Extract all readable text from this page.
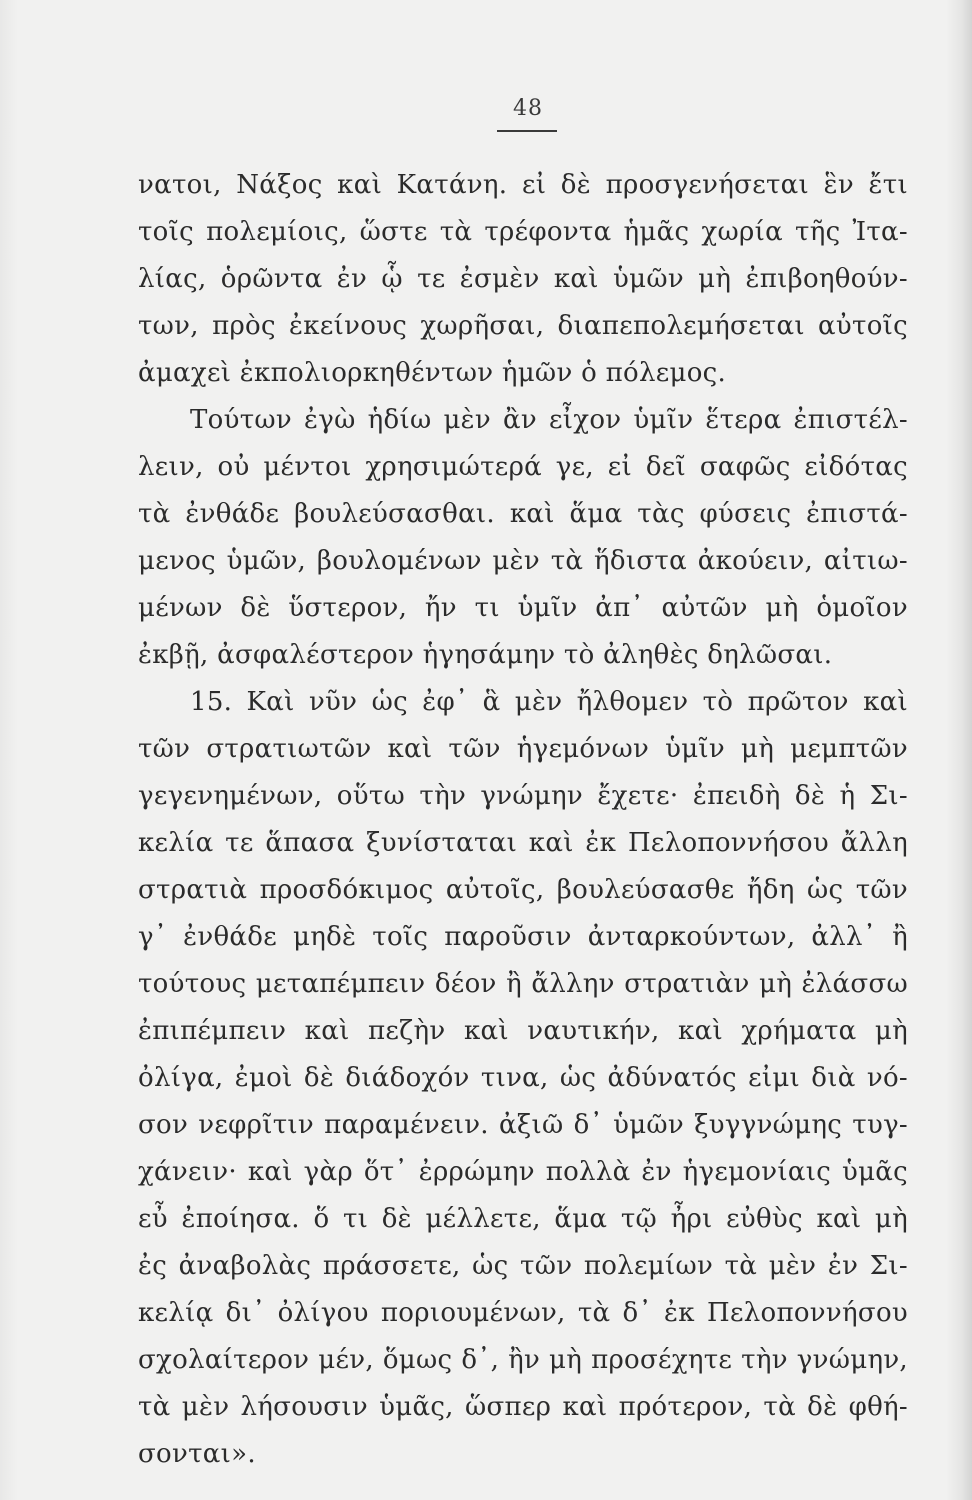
48
νατοι, Νάξος καὶ Κατάνη. εἰ δὲ προσγενήσεται ἓν ἔτι
τοῖς πολεμίοις, ὥστε τὰ τρέφοντα ἡμᾶς χωρία τῆς Ἰτα-
λίας, ὁρῶντα ἐν ᾧ τε ἐσμὲν καὶ ὑμῶν μὴ ἐπιβοηθούν-
των, πρὸς ἐκείνους χωρῆσαι, διαπεπολεμήσεται αὐτοῖς
ἀμαχεὶ ἐκπολιορκηθέντων ἡμῶν ὁ πόλεμος.
Τούτων ἐγὼ ἡδίω μὲν ἂν εἶχον ὑμῖν ἕτερα ἐπιστέλ-
λειν, οὐ μέντοι χρησιμώτερά γε, εἰ δεῖ σαφῶς εἰδότας
τὰ ἐνθάδε βουλεύσασθαι. καὶ ἅμα τὰς φύσεις ἐπιστά-
μενος ὑμῶν, βουλομένων μὲν τὰ ἥδιστα ἀκούειν, αἰτιω-
μένων δὲ ὕστερον, ἤν τι ὑμῖν ἀπ᾽ αὐτῶν μὴ ὁμοῖον
ἐκβῇ, ἀσφαλέστερον ἡγησάμην τὸ ἀληθὲς δηλῶσαι.
15. Καὶ νῦν ὡς ἐφ᾽ ἃ μὲν ἤλθομεν τὸ πρῶτον καὶ
τῶν στρατιωτῶν καὶ τῶν ἡγεμόνων ὑμῖν μὴ μεμπτῶν
γεγενημένων, οὕτω τὴν γνώμην ἔχετε· ἐπειδὴ δὲ ἡ Σι-
κελία τε ἅπασα ξυνίσταται καὶ ἐκ Πελοποννήσου ἄλλη
στρατιὰ προσδόκιμος αὐτοῖς, βουλεύσασθε ἤδη ὡς τῶν
γ᾽ ἐνθάδε μηδὲ τοῖς παροῦσιν ἀνταρκούντων, ἀλλ᾽ ἢ
τούτους μεταπέμπειν δέον ἢ ἄλλην στρατιὰν μὴ ἐλάσσω
ἐπιπέμπειν καὶ πεζὴν καὶ ναυτικήν, καὶ χρήματα μὴ
ὀλίγα, ἐμοὶ δὲ διάδοχόν τινα, ὡς ἀδύνατός εἰμι διὰ νό-
σον νεφρῖτιν παραμένειν. ἀξιῶ δ᾽ ὑμῶν ξυγγνώμης τυγ-
χάνειν· καὶ γὰρ ὅτ᾽ ἐρρώμην πολλὰ ἐν ἡγεμονίαις ὑμᾶς
εὖ ἐποίησα. ὅ τι δὲ μέλλετε, ἅμα τῷ ἦρι εὐθὺς καὶ μὴ
ἐς ἀναβολὰς πράσσετε, ὡς τῶν πολεμίων τὰ μὲν ἐν Σι-
κελίᾳ δι᾽ ὀλίγου ποριουμένων, τὰ δ᾽ ἐκ Πελοποννήσου
σχολαίτερον μέν, ὅμως δ᾽, ἢν μὴ προσέχητε τὴν γνώμην,
τὰ μὲν λήσουσιν ὑμᾶς, ὥσπερ καὶ πρότερον, τὰ δὲ φθή-
σονται».
